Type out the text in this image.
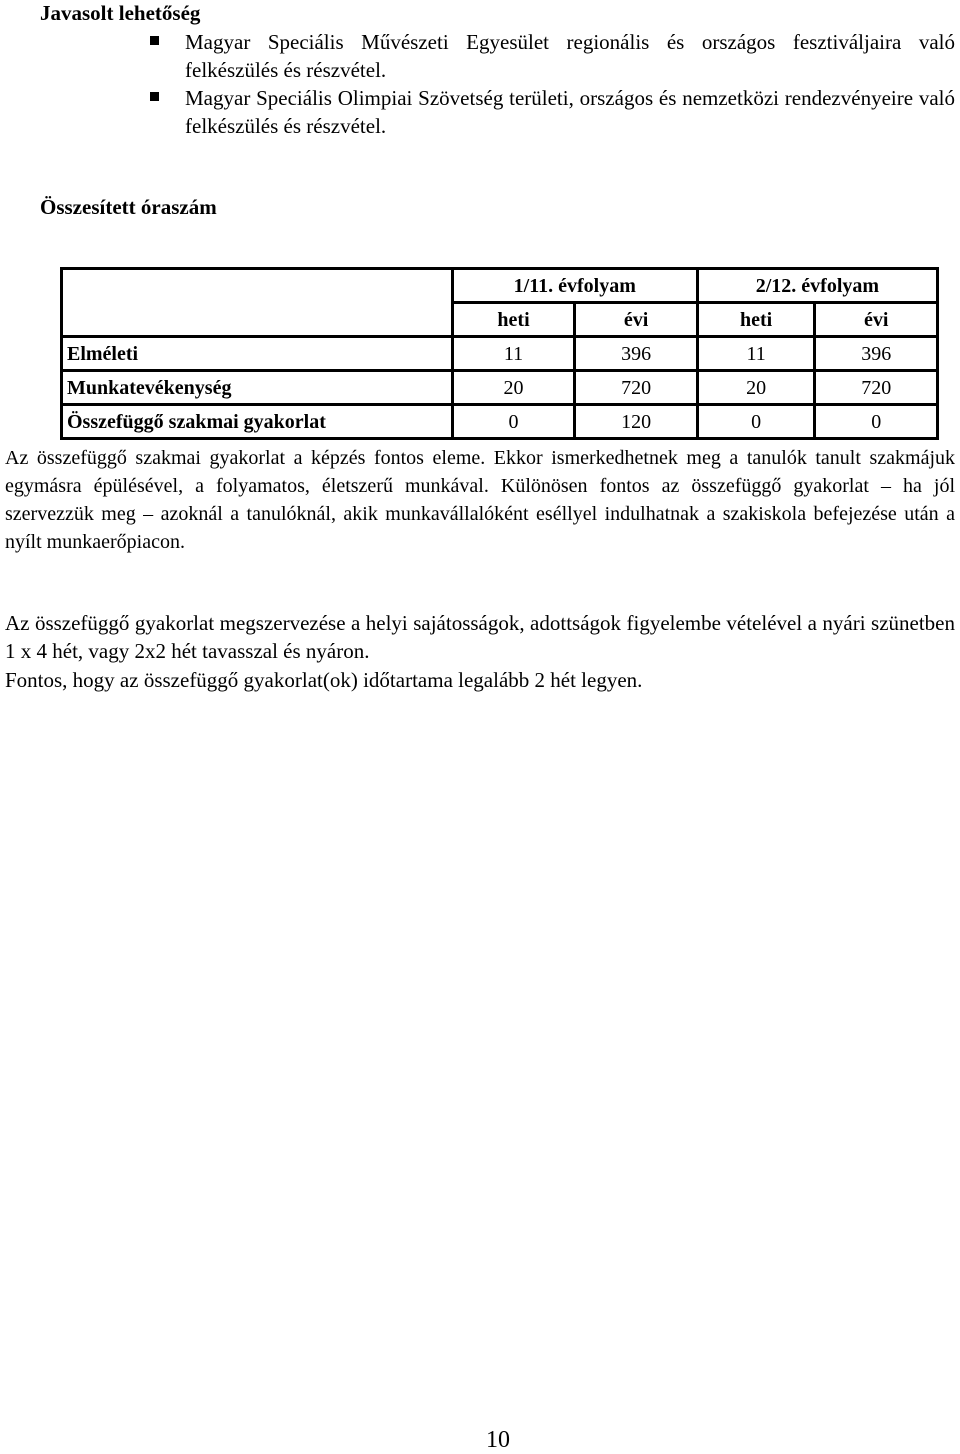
Javasolt lehetőség
Magyar Speciális Művészeti Egyesület regionális és országos fesztiváljaira való felkészülés és részvétel.
Magyar Speciális Olimpiai Szövetség területi, országos és nemzetközi rendezvényeire való felkészülés és részvétel.
Összesített óraszám
	1/11. évfolyam		2/12. évfolyam	
	heti	évi	heti	évi
Elméleti	11	396	11	396
Munkatevékenység	20	720	20	720
Összefüggő szakmai gyakorlat	0	120	0	0

Az összefüggő szakmai gyakorlat a képzés fontos eleme. Ekkor ismerkedhetnek meg a tanulók tanult szakmájuk egymásra épülésével, a folyamatos, életszerű munkával. Különösen fontos az összefüggő gyakorlat – ha jól szervezzük meg – azoknál a tanulóknál, akik munkavállalóként eséllyel indulhatnak a szakiskola befejezése után a nyílt munkaerőpiacon.

Az összefüggő gyakorlat megszervezése a helyi sajátosságok, adottságok figyelembe vételével a nyári szünetben 1 x 4 hét, vagy 2x2 hét tavasszal és nyáron.

Fontos, hogy az összefüggő gyakorlat(ok) időtartama legalább 2 hét legyen.

10
